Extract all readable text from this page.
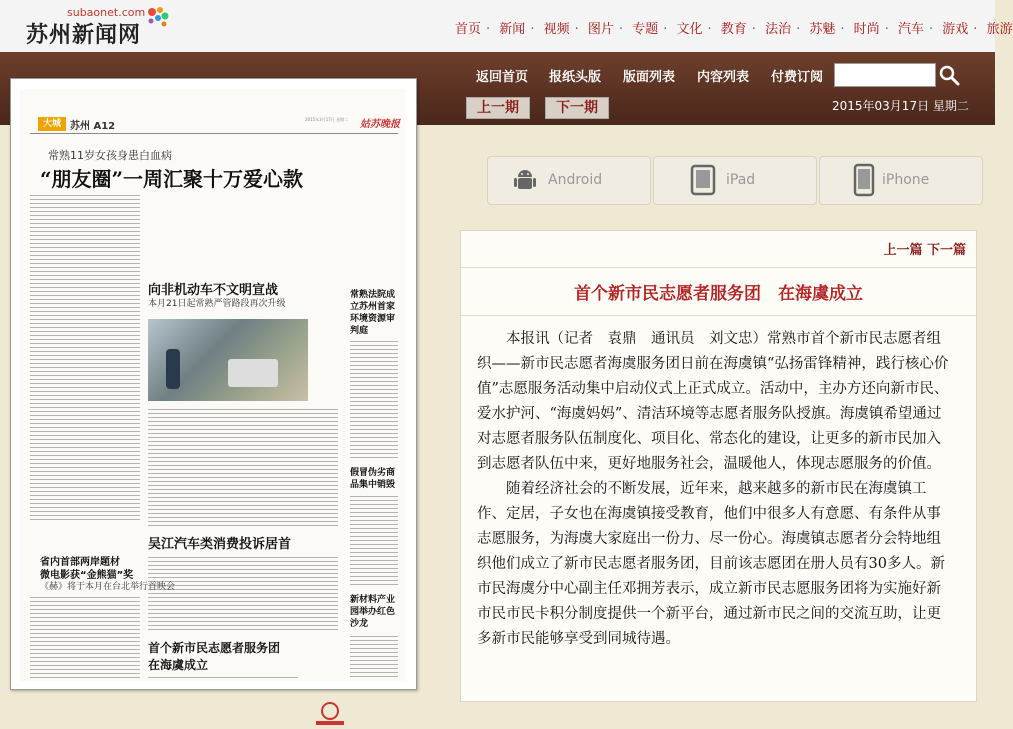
subaonet.com
苏州新闻网	首页 · 新闻 · 视频 · 图片 · 专题 · 文化 · 教育 · 法治 · 苏魅 · 时尚 · 汽车 · 游戏 · 旅游
返回首页 报纸头版 版面列表 内容列表 付费订阅
上一期	下一期	2015年03月17日 星期二
大城 苏州 A12
2015年3月17日 星期二 姑苏晚报
常熟11岁女孩身患白血病
“朋友圈”一周汇聚十万爱心款
向非机动车不文明宣战
本月21日起常熟严管路段再次升级
常熟法院成立苏州首家环境资源审判庭
假冒伪劣商品集中销毁
新材料产业园举办红色沙龙
吴江汽车类消费投诉居首
省内首部两岸题材
微电影获“金熊猫”奖
《赫》将于本月在台北举行首映会
首个新市民志愿者服务团
在海虞成立
Android	iPad	iPhone
上一篇 下一篇
首个新市民志愿者服务团　在海虞成立

本报讯（记者　袁鼎　通讯员　刘文忠）常熟市首个新市民志愿者组织——新市民志愿者海虞服务团日前在海虞镇“弘扬雷锋精神，践行核心价值”志愿服务活动集中启动仪式上正式成立。活动中，主办方还向新市民、爱水护河、“海虞妈妈”、清洁环境等志愿者服务队授旗。海虞镇希望通过对志愿者服务队伍制度化、项目化、常态化的建设，让更多的新市民加入到志愿者队伍中来，更好地服务社会，温暖他人，体现志愿服务的价值。

随着经济社会的不断发展，近年来，越来越多的新市民在海虞镇工作、定居，子女也在海虞镇接受教育，他们中很多人有意愿、有条件从事志愿服务，为海虞大家庭出一份力、尽一份心。海虞镇志愿者分会特地组织他们成立了新市民志愿者服务团，目前该志愿团在册人员有30多人。新市民海虞分中心副主任邓拥芳表示，成立新市民志愿服务团将为实施好新市民市民卡积分制度提供一个新平台，通过新市民之间的交流互助，让更多新市民能够享受到同城待遇。
